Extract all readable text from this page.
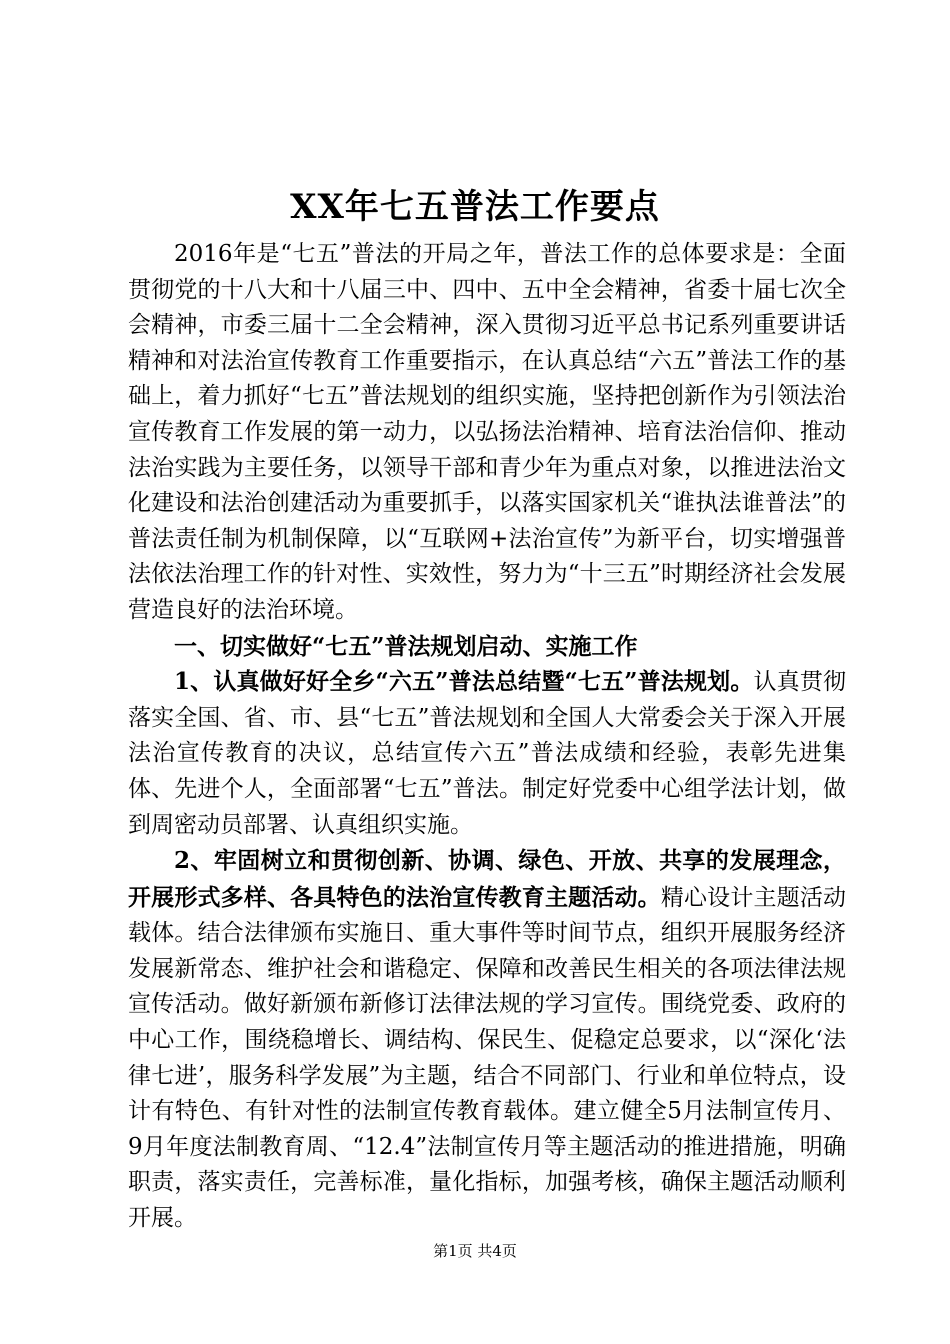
XX年七五普法工作要点

2016年是“七五”普法的开局之年，普法工作的总体要求是：全面贯彻党的十八大和十八届三中、四中、五中全会精神，省委十届七次全会精神，市委三届十二全会精神，深入贯彻习近平总书记系列重要讲话精神和对法治宣传教育工作重要指示，在认真总结“六五”普法工作的基础上，着力抓好“七五”普法规划的组织实施，坚持把创新作为引领法治宣传教育工作发展的第一动力，以弘扬法治精神、培育法治信仰、推动法治实践为主要任务，以领导干部和青少年为重点对象，以推进法治文化建设和法治创建活动为重要抓手，以落实国家机关“谁执法谁普法”的普法责任制为机制保障，以“互联网+法治宣传”为新平台，切实增强普法依法治理工作的针对性、实效性，努力为“十三五”时期经济社会发展营造良好的法治环境。

一、切实做好“七五”普法规划启动、实施工作

1、认真做好好全乡“六五”普法总结暨“七五”普法规划。认真贯彻落实全国、省、市、县“七五”普法规划和全国人大常委会关于深入开展法治宣传教育的决议，总结宣传六五”普法成绩和经验，表彰先进集体、先进个人，全面部署“七五”普法。制定好党委中心组学法计划，做到周密动员部署、认真组织实施。

2、牢固树立和贯彻创新、协调、绿色、开放、共享的发展理念，开展形式多样、各具特色的法治宣传教育主题活动。精心设计主题活动载体。结合法律颁布实施日、重大事件等时间节点，组织开展服务经济发展新常态、维护社会和谐稳定、保障和改善民生相关的各项法律法规宣传活动。做好新颁布新修订法律法规的学习宣传。围绕党委、政府的中心工作，围绕稳增长、调结构、保民生、促稳定总要求，以“深化‘法律七进’，服务科学发展”为主题，结合不同部门、行业和单位特点，设计有特色、有针对性的法制宣传教育载体。建立健全5月法制宣传月、9月年度法制教育周、“12.4”法制宣传月等主题活动的推进措施，明确职责，落实责任，完善标准，量化指标，加强考核，确保主题活动顺利开展。

第1页 共4页
